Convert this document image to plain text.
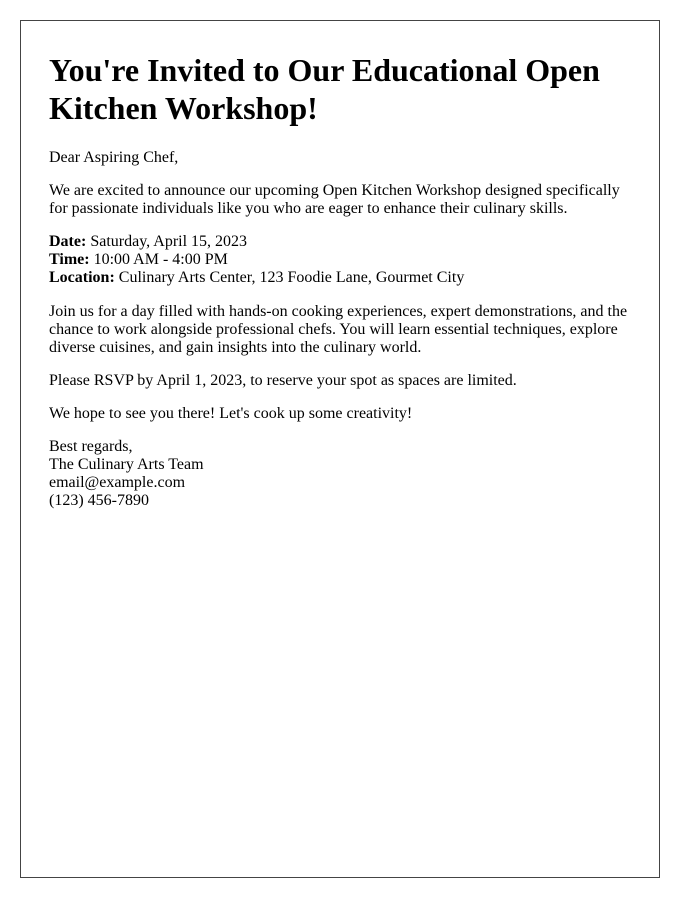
You're Invited to Our Educational Open Kitchen Workshop!

Dear Aspiring Chef,

We are excited to announce our upcoming Open Kitchen Workshop designed specifically for passionate individuals like you who are eager to enhance their culinary skills.

Date: Saturday, April 15, 2023
Time: 10:00 AM - 4:00 PM
Location: Culinary Arts Center, 123 Foodie Lane, Gourmet City

Join us for a day filled with hands-on cooking experiences, expert demonstrations, and the chance to work alongside professional chefs. You will learn essential techniques, explore diverse cuisines, and gain insights into the culinary world.

Please RSVP by April 1, 2023, to reserve your spot as spaces are limited.

We hope to see you there! Let's cook up some creativity!

Best regards,
The Culinary Arts Team
email@example.com
(123) 456-7890
